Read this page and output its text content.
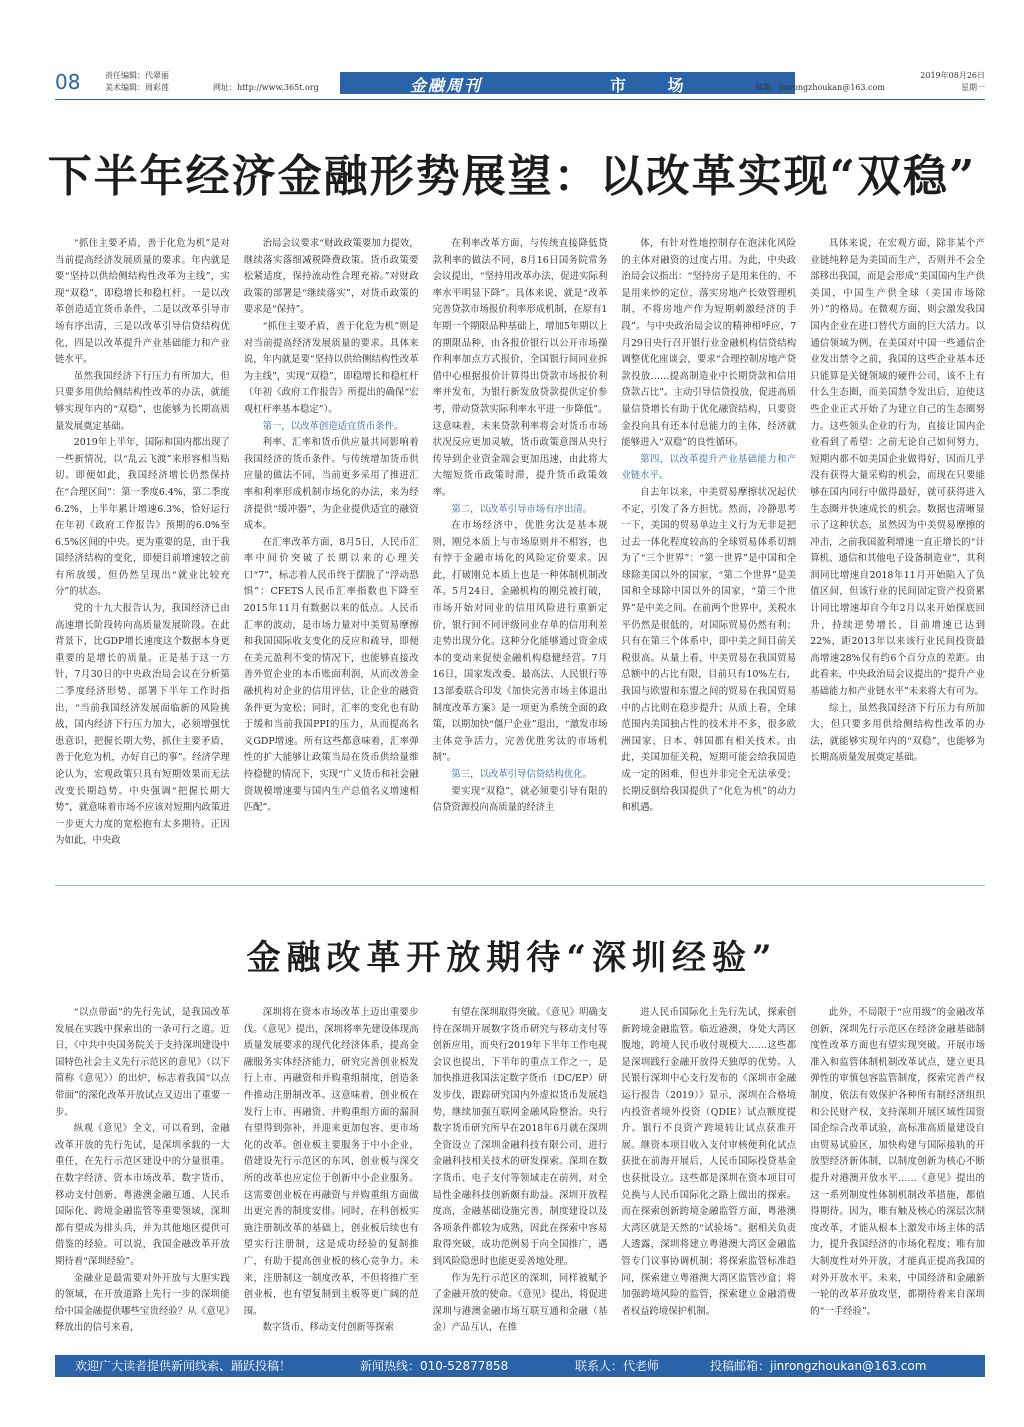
08	责任编辑：代翠丽
美术编辑：周彩莲	网址：http://www.365t.org	金融周刊	市 场	邮箱：jinrongzhoukan@163.com
2019年08月26日
星期一
下半年经济金融形势展望：以改革实现“双稳”

“抓住主要矛盾，善于化危为机”是对当前提高经济发展质量的要求。年内就是要“坚持以供给侧结构性改革为主线”，实现“双稳”，即稳增长和稳杠杆。一是以改革创造适宜货币条件，二是以改革引导市场有序出清，三是以改革引导信贷结构优化，四是以改革提升产业基础能力和产业链水平。

虽然我国经济下行压力有所加大，但只要多用供给侧结构性改革的办法，就能够实现年内的“双稳”，也能够为长期高质量发展奠定基础。

2019年上半年，国际和国内都出现了一些新情况，以“乱云飞渡”来形容相当贴切。即便如此，我国经济增长仍然保持在“合理区间”：第一季度6.4%，第二季度6.2%，上半年累计增速6.3%，恰好运行在年初《政府工作报告》预期的6.0%至6.5%区间的中央。更为重要的是，由于我国经济结构的变化，即便目前增速较之前有所放缓，但仍然呈现出“就业比较充分”的状态。

党的十九大报告认为，我国经济已由高速增长阶段转向高质量发展阶段。在此背景下，比GDP增长速度这个数据本身更重要的是增长的质量。正是基于这一方针，7月30日的中央政治局会议在分析第二季度经济形势、部署下半年工作时指出，“当前我国经济发展面临新的风险挑战，国内经济下行压力加大，必须增强忧患意识，把握长期大势，抓住主要矛盾，善于化危为机，办好自己的事”。经济学理论认为，宏观政策只具有短期效果而无法改变长期趋势。中央强调“把握长期大势”，就意味着市场不应该对短期内政策进一步更大力度的宽松抱有太多期待。正因为如此，中央政

治局会议要求“财政政策要加力提效，继续落实落细减税降费政策。货币政策要松紧适度，保持流动性合理充裕。”对财政政策的部署是“继续落实”，对货币政策的要求是“保持”。

“抓住主要矛盾，善于化危为机”则是对当前提高经济发展质量的要求。具体来说，年内就是要“坚持以供给侧结构性改革为主线”，实现“双稳”，即稳增长和稳杠杆（年初《政府工作报告》所提出的确保“宏观杠杆率基本稳定”）。

第一，以改革创造适宜货币条件。

利率、汇率和货币供应量共同影响着我国经济的货币条件。与传统增加货币供应量的做法不同，当前更多采用了推进汇率和利率形成机制市场化的办法，来为经济提供“缓冲器”，为企业提供适宜的融资成本。

在汇率改革方面，8月5日，人民币汇率中间价突破了长期以来的心理关口“7”，标志着人民币终于摆脱了“浮动恐惧”：CFETS人民币汇率指数也下降至2015年11月有数据以来的低点。人民币汇率的波动，是市场力量对中美贸易摩擦和我国国际收支变化的反应和疏导，即便在美元盈利不变的情况下，也能够直接改善外贸企业的本币账面利润，从而改善金融机构对企业的信用评估，让企业的融资条件更为宽松；同时，汇率的变化也有助于缓和当前我国PPI的压力，从而提高名义GDP增速。所有这些都意味着，汇率弹性的扩大能够让政策当局在货币供给量维持稳健的情况下，实现“广义货币和社会融资规模增速要与国内生产总值名义增速相匹配”。

在利率改革方面，与传统直接降低贷款利率的做法不同，8月16日国务院常务会议提出，“坚持用改革办法，促进实际利率水平明显下降”。具体来说，就是“改革完善贷款市场报价利率形成机制，在原有1年期一个期限品种基础上，增加5年期以上的期限品种，由各报价银行以公开市场操作利率加点方式报价，全国银行间同业拆借中心根据报价计算得出贷款市场报价利率并发布，为银行新发放贷款提供定价参考，带动贷款实际利率水平进一步降低”。这意味着，未来贷款利率将会对货币市场状况反应更加灵敏，货币政策意图从央行传导到企业资金端会更加迅速，由此将大大缩短货币政策时滞，提升货币政策效率。

第二，以改革引导市场有序出清。

在市场经济中，优胜劣汰是基本规则，刚兑本质上与市场原则并不相容，也有悖于金融市场化的风险定价要求。因此，打破刚兑本质上也是一种体制机制改革。5月24日，金融机构的刚兑被打破，市场开始对同业的信用风险进行重新定价，银行间不同评级同业存单的信用利差走势出现分化。这种分化能够通过资金成本的变动来促使金融机构稳健经营。7月16日，国家发改委、最高法、人民银行等13部委联合印发《加快完善市场主体退出制度改革方案》是一项更为系统全面的政策，以期加快“僵尸企业”退出，“激发市场主体竞争活力，完善优胜劣汰的市场机制”。

第三，以改革引导信贷结构优化。

要实现“双稳”，就必须要引导有限的信贷资源投向高质量的经济主

体，有针对性地控制存在泡沫化风险的主体对融资的过度占用。为此，中央政治局会议指出：“坚持房子是用来住的、不是用来炒的定位，落实房地产长效管理机制，不将房地产作为短期刺激经济的手段”。与中央政治局会议的精神相呼应，7月29日央行召开银行业金融机构信贷结构调整优化座谈会，要求“合理控制房地产贷款投放……提高制造业中长期贷款和信用贷款占比”。主动引导信贷投放，促进高质量信贷增长有助于优化融资结构，只要资金投向具有还本付息能力的主体，经济就能够进入“双稳”的良性循环。

第四，以改革提升产业基础能力和产业链水平。

自去年以来，中美贸易摩擦状况起伏不定，引发了各方担忧。然而，冷静思考一下，美国的贸易单边主义行为无非是把过去一体化程度较高的全球贸易体系切割为了“三个世界”：“第一世界”是中国和全球除美国以外的国家，“第二个世界”是美国和全球除中国以外的国家，“第三个世界”是中美之间。在前两个世界中，关税水平仍然是很低的，对国际贸易仍然有利；只有在第三个体系中，即中美之间目前关税很高。从量上看，中美贸易在我国贸易总额中的占比有限，目前只有10%左右，我国与欧盟和东盟之间的贸易在我国贸易中的占比则在稳步提升；从质上看，全球范围内美国独占性的技术并不多，很多欧洲国家、日本、韩国都有相关技术。由此，美国加征关税，短期可能会给我国造成一定的困难，但也并非完全无法承受；长期反倒给我国提供了“化危为机”的动力和机遇。

具体来说，在宏观方面，除非某个产业链纯粹是为美国而生产，否则并不会全部移出我国，而是会形成“美国国内生产供美国，中国生产供全球（美国市场除外）”的格局。在微观方面，则会激发我国国内企业在进口替代方面的巨大活力。以通信领域为例，在美国对中国一些通信企业发出禁令之前，我国的这些企业基本还只能算是关键领域的硬件公司，该不上有什么生态圈，而美国禁令发出后，迫使这些企业正式开始了为建立自己的生态圈努力。这些领头企业的行为，直接让国内企业看到了希望：之前无论自己如何努力，短期内都不如美国企业做得好，因而几乎没有获得大量采购的机会，而现在只要能够在国内同行中做得最好，就可获得进入生态圈并快速成长的机会。数据也清晰显示了这种状态，虽然因为中美贸易摩擦的冲击，之前我国盈利增速一直正增长的“计算机、通信和其他电子设备制造业”，其利润同比增速自2018年11月开始陷入了负值区间，但该行业的民间固定资产投资累计同比增速却自今年2月以来开始探底回升，持续逆势增长，目前增速已达到22%，距2013年以来该行业民间投资最高增速28%仅有约6个百分点的差距。由此看来，中央政治局会议提出的“提升产业基础能力和产业链水平”未来将大有可为。

综上，虽然我国经济下行压力有所加大，但只要多用供给侧结构性改革的办法，就能够实现年内的“双稳”，也能够为长期高质量发展奠定基础。

金融改革开放期待“深圳经验”

“以点带面”的先行先试，是我国改革发展在实践中探索出的一条可行之道。近日，《中共中央国务院关于支持深圳建设中国特色社会主义先行示范区的意见》（以下简称《意见》）的出炉，标志着我国“以点带面”的深化改革开放试点又迈出了重要一步。

纵观《意见》全文，可以看到，金融改革开放的先行先试，是深圳承载的一大重任，在先行示范区建设中的分量很重。在数字经济、资本市场改革、数字货币、移动支付创新、粤港澳金融互通、人民币国际化、跨境金融监管等重要领域，深圳都有望成为排头兵，并为其他地区提供可借鉴的经验。可以说，我国金融改革开放期待着“深圳经验”。

金融业是最需要对外开放与大胆实践的领域，在开放道路上先行一步的深圳能给中国金融提供哪些宝贵经验？从《意见》释放出的信号来看，

深圳将在资本市场改革上迈出重要步伐。《意见》提出，深圳将率先建设体现高质量发展要求的现代化经济体系，提高金融服务实体经济能力，研究完善创业板发行上市、再融资和并购重组制度，创造条件推动注册制改革。这意味着，创业板在发行上市、再融资、并购重组方面的漏洞有望得到弥补，并迎来更加包容、更市场化的改革。创业板主要服务于中小企业，借建设先行示范区的东风，创业板与深交所的改革也应定位于创新中小企业服务。这需要创业板在再融资与并购重组方面做出更完善的制度安排。同时，在科创板实施注册制改革的基础上，创业板后续也有望实行注册制，这是成功经验的复制推广，有助于提高创业板的核心竞争力。未来，注册制这一制度改革，不但将推广至创业板，也有望复制到主板等更广阔的范围。

数字货币、移动支付创新等探索

有望在深圳取得突破。《意见》明确支持在深圳开展数字货币研究与移动支付等创新应用，而央行2019年下半年工作电视会议也提出，下半年的重点工作之一，是加快推进我国法定数字货币（DC/EP）研发步伐，跟踪研究国内外虚拟货币发展趋势，继续加强互联网金融风险整治。央行数字货币研究所早在2018年6月就在深圳全资设立了深圳金融科技有限公司，进行金融科技相关技术的研发探索。深圳在数字货币、电子支付等领域走在前列，对全局性金融科技创新颇有助益。深圳开放程度高，金融基础设施完善，制度建设以及各项条件都较为成熟，因此在探索中容易取得突破，成功范例易于向全国推广，遇到风险隐患时也能更妥善地处理。

作为先行示范区的深圳，同样被赋予了金融开放的使命。《意见》提出，将促进深圳与港澳金融市场互联互通和金融（基金）产品互认，在推

进人民币国际化上先行先试，探索创新跨境金融监管。临近港澳，身处大湾区腹地，跨境人民币收付规模大……这些都是深圳践行金融开放得天独厚的优势。人民银行深圳中心支行发布的《深圳市金融运行报告（2019）》显示，深圳在合格境内投资者境外投资（QDIE）试点额度提升。银行不良资产跨境转让试点获准开展。继资本项目收入支付审核便利化试点获批在前海开展后，人民币国际投贷基金也获批设立。这些都是深圳在资本项目可兑换与人民币国际化之路上做出的探索。而在探索创新跨境金融监管方面，粤港澳大湾区就是天然的“试验场”。据相关负责人透露，深圳将建立粤港澳大湾区金融监管专门议事协调机制；将探索监管标准趋同，探索建立粤港澳大湾区监管沙盒；将加强跨境风险的监管，探索建立金融消费者权益跨境保护机制。

此外，不局限于“应用级”的金融改革创新，深圳先行示范区在经济金融基础制度性改革方面也有望实现突破。开展市场准入和监管体制机制改革试点，建立更具弹性的审慎包容监管制度，探索完善产权制度，依法有效保护各种所有制经济组织和公民财产权，支持深圳开展区域性国资国企综合改革试验，高标准高质量建设自由贸易试验区，加快构建与国际接轨的开放型经济新体制，以制度创新为核心不断提升对港澳开放水平……《意见》提出的这一系列制度性体制机制改革措施，都值得期待。因为，唯有触及核心的深层次制度改革，才能从根本上激发市场主体的活力，提升我国经济的市场化程度；唯有加大制度性对外开放，才能真正提高我国的对外开放水平。未来，中国经济和金融新一轮的改革开放攻坚，都期待着来自深圳的“一手经验”。

欢迎广大读者提供新闻线索、踊跃投稿！	新闻热线：010-52877858	联系人：代老师	投稿邮箱：jinrongzhoukan@163.com
